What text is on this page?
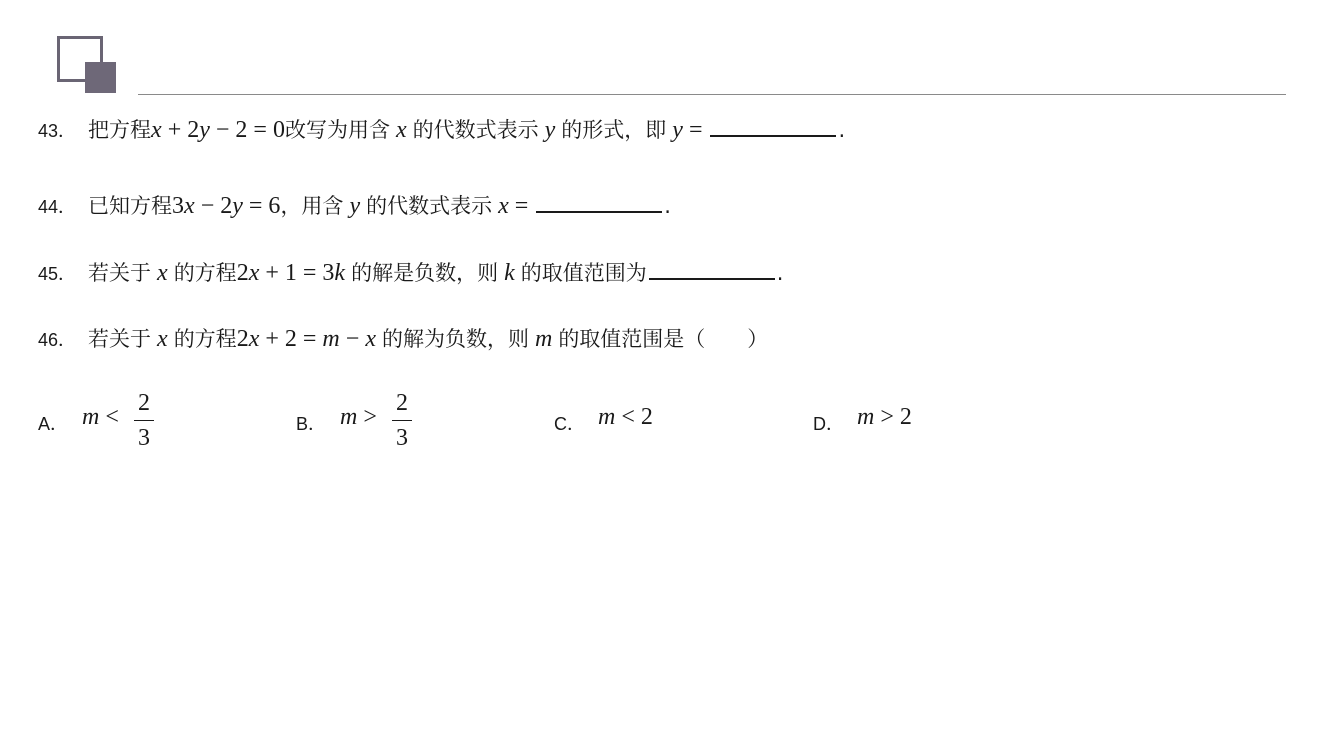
43． 把方程x + 2y − 2 = 0改写为用含 x 的代数式表示 y 的形式，即 y =	.
44． 已知方程3x − 2y = 6，用含 y 的代数式表示 x =	.
45． 若关于 x 的方程2x + 1 = 3k 的解是负数，则 k 的取值范围为	.
46． 若关于 x 的方程2x + 2 = m − x 的解为负数，则 m 的取值范围是（　　）
A． m <
2
3
B． m >
2
3
C． m < 2	D． m > 2
